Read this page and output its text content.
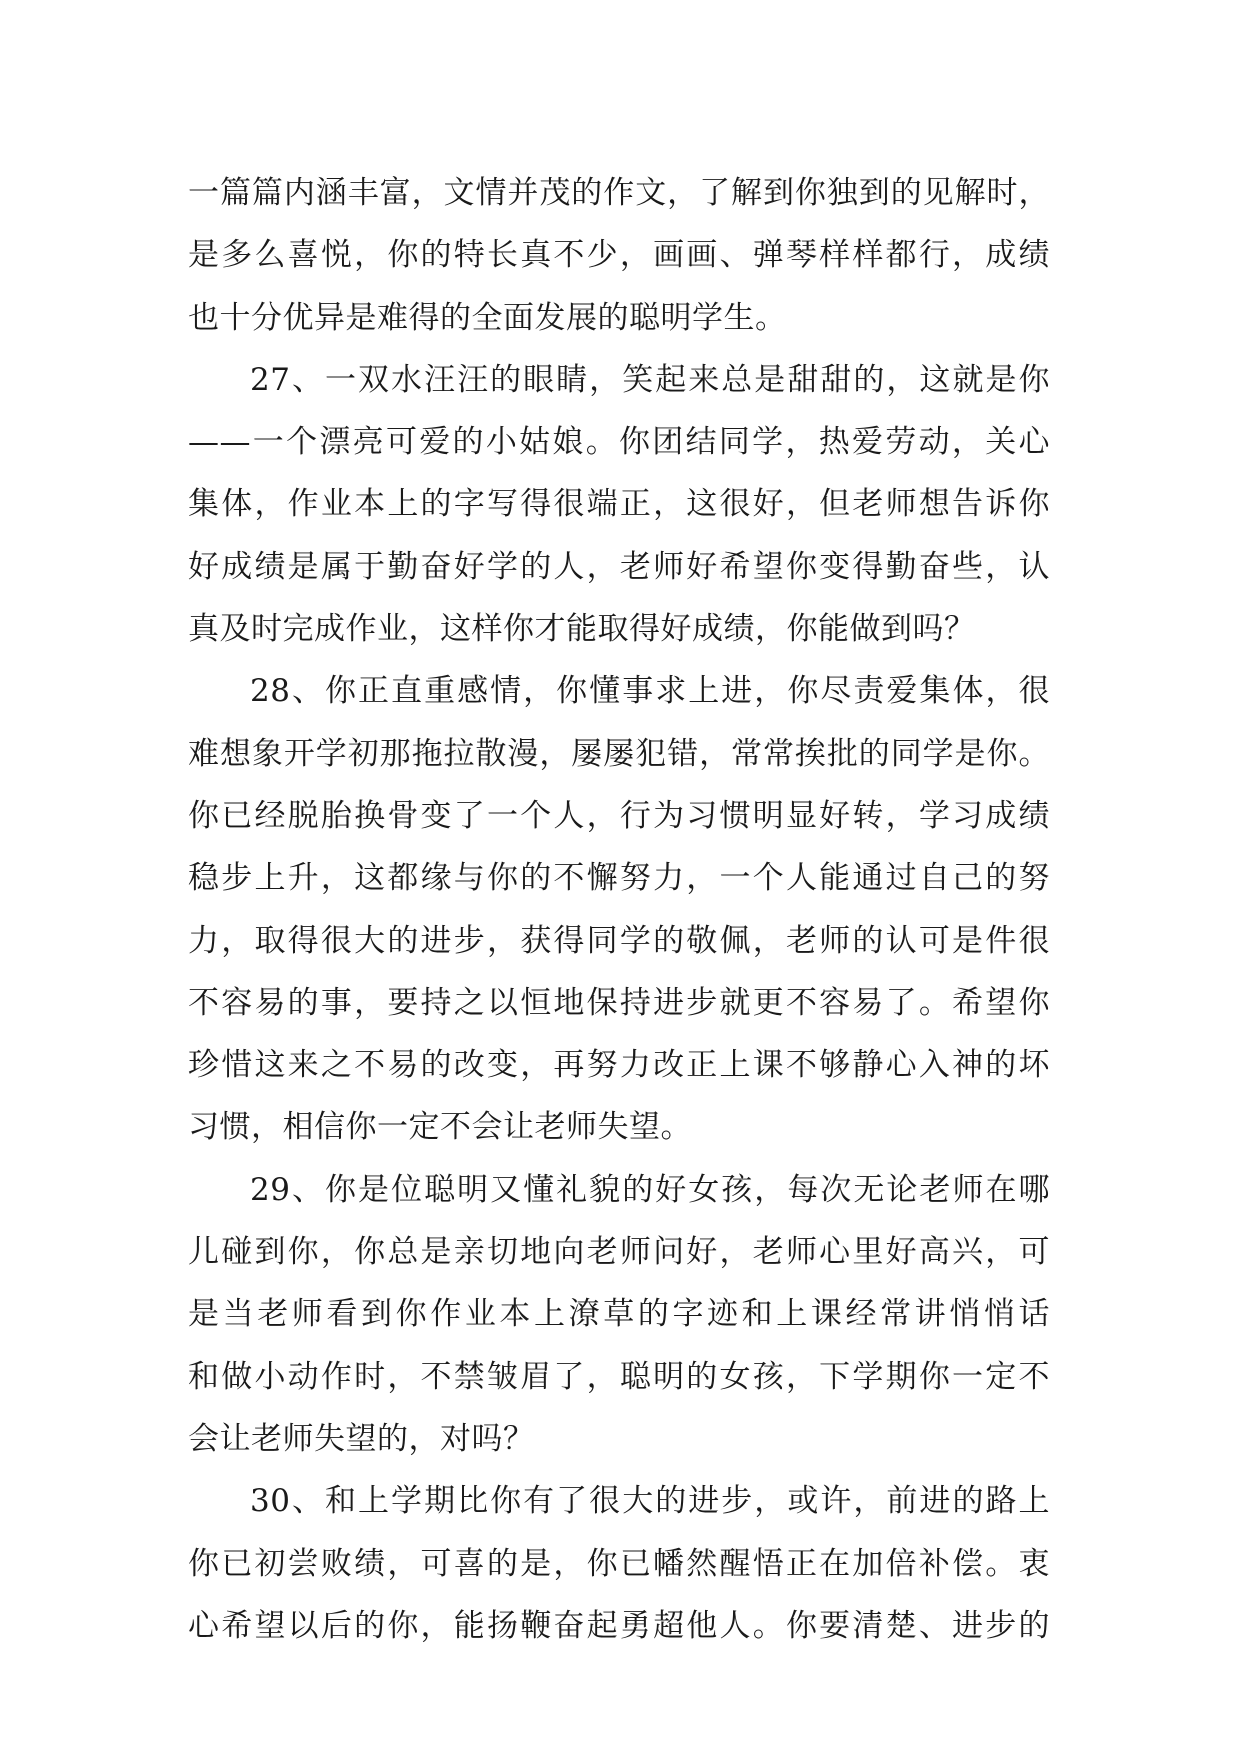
一篇篇内涵丰富，文情并茂的作文，了解到你独到的见解时，
是多么喜悦，你的特长真不少，画画、弹琴样样都行，成绩
也十分优异是难得的全面发展的聪明学生。
27、一双水汪汪的眼睛，笑起来总是甜甜的，这就是你
——一个漂亮可爱的小姑娘。你团结同学，热爱劳动，关心
集体，作业本上的字写得很端正，这很好，但老师想告诉你
好成绩是属于勤奋好学的人，老师好希望你变得勤奋些，认
真及时完成作业，这样你才能取得好成绩，你能做到吗？
28、你正直重感情，你懂事求上进，你尽责爱集体，很
难想象开学初那拖拉散漫，屡屡犯错，常常挨批的同学是你。
你已经脱胎换骨变了一个人，行为习惯明显好转，学习成绩
稳步上升，这都缘与你的不懈努力，一个人能通过自己的努
力，取得很大的进步，获得同学的敬佩，老师的认可是件很
不容易的事，要持之以恒地保持进步就更不容易了。希望你
珍惜这来之不易的改变，再努力改正上课不够静心入神的坏
习惯，相信你一定不会让老师失望。
29、你是位聪明又懂礼貌的好女孩，每次无论老师在哪
儿碰到你，你总是亲切地向老师问好，老师心里好高兴，可
是当老师看到你作业本上潦草的字迹和上课经常讲悄悄话
和做小动作时，不禁皱眉了，聪明的女孩，下学期你一定不
会让老师失望的，对吗？
30、和上学期比你有了很大的进步，或许，前进的路上
你已初尝败绩，可喜的是，你已幡然醒悟正在加倍补偿。衷
心希望以后的你，能扬鞭奋起勇超他人。你要清楚、进步的
